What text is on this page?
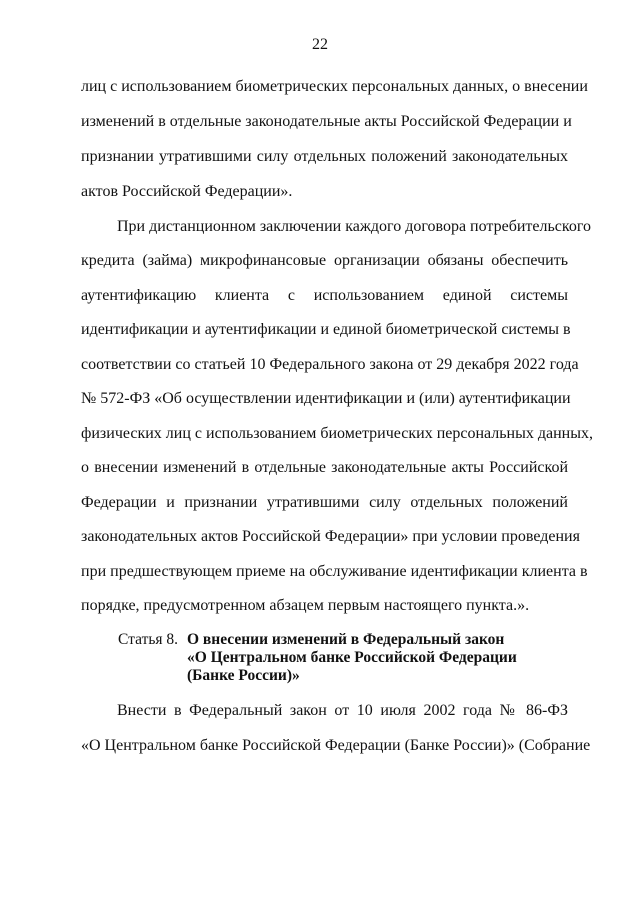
22
лиц с использованием биометрических персональных данных, о внесении
изменений в отдельные законодательные акты Российской Федерации и
признании утратившими силу отдельных положений законодательных
актов Российской Федерации».
При дистанционном заключении каждого договора потребительского
кредита (займа) микрофинансовые организации обязаны обеспечить
аутентификацию клиента с использованием единой системы
идентификации и аутентификации и единой биометрической системы в
соответствии со статьей 10 Федерального закона от 29 декабря 2022 года
№ 572-ФЗ «Об осуществлении идентификации и (или) аутентификации
физических лиц с использованием биометрических персональных данных,
о внесении изменений в отдельные законодательные акты Российской
Федерации и признании утратившими силу отдельных положений
законодательных актов Российской Федерации» при условии проведения
при предшествующем приеме на обслуживание идентификации клиента в
порядке, предусмотренном абзацем первым настоящего пункта.».
Статья 8. О внесении изменений в Федеральный закон
«О Центральном банке Российской Федерации
(Банке России)»
Внести в Федеральный закон от 10 июля 2002 года № 86-ФЗ
«О Центральном банке Российской Федерации (Банке России)» (Собрание
